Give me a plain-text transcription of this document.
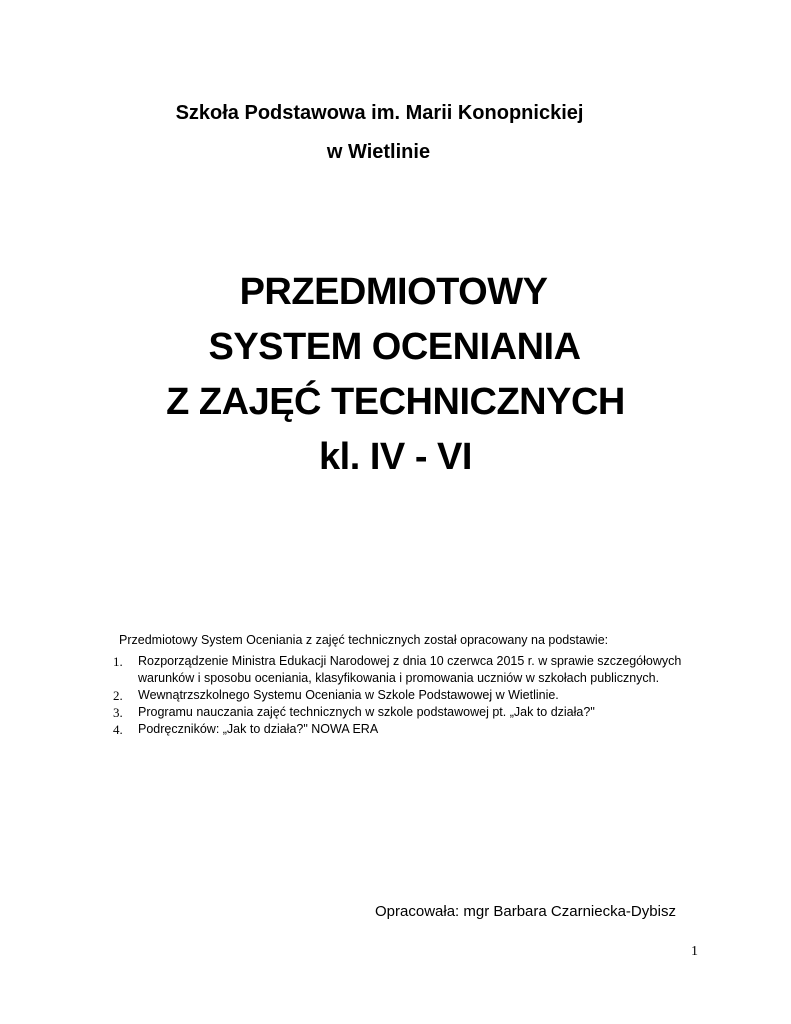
Szkoła Podstawowa im. Marii Konopnickiej
w Wietlinie
PRZEDMIOTOWY
SYSTEM OCENIANIA
Z ZAJĘĆ TECHNICZNYCH
kl. IV - VI
Przedmiotowy System Oceniania z zajęć technicznych został opracowany na podstawie:
1. Rozporządzenie Ministra Edukacji Narodowej z dnia 10 czerwca 2015 r. w sprawie szczegółowych warunków i sposobu oceniania, klasyfikowania i promowania uczniów w szkołach publicznych.
2. Wewnątrzszkolnego Systemu Oceniania w Szkole Podstawowej w Wietlinie.
3. Programu nauczania zajęć technicznych w szkole podstawowej pt. „Jak to działa?"
4. Podręczników: „Jak to działa?" NOWA ERA
Opracowała: mgr Barbara Czarniecka-Dybisz
1
